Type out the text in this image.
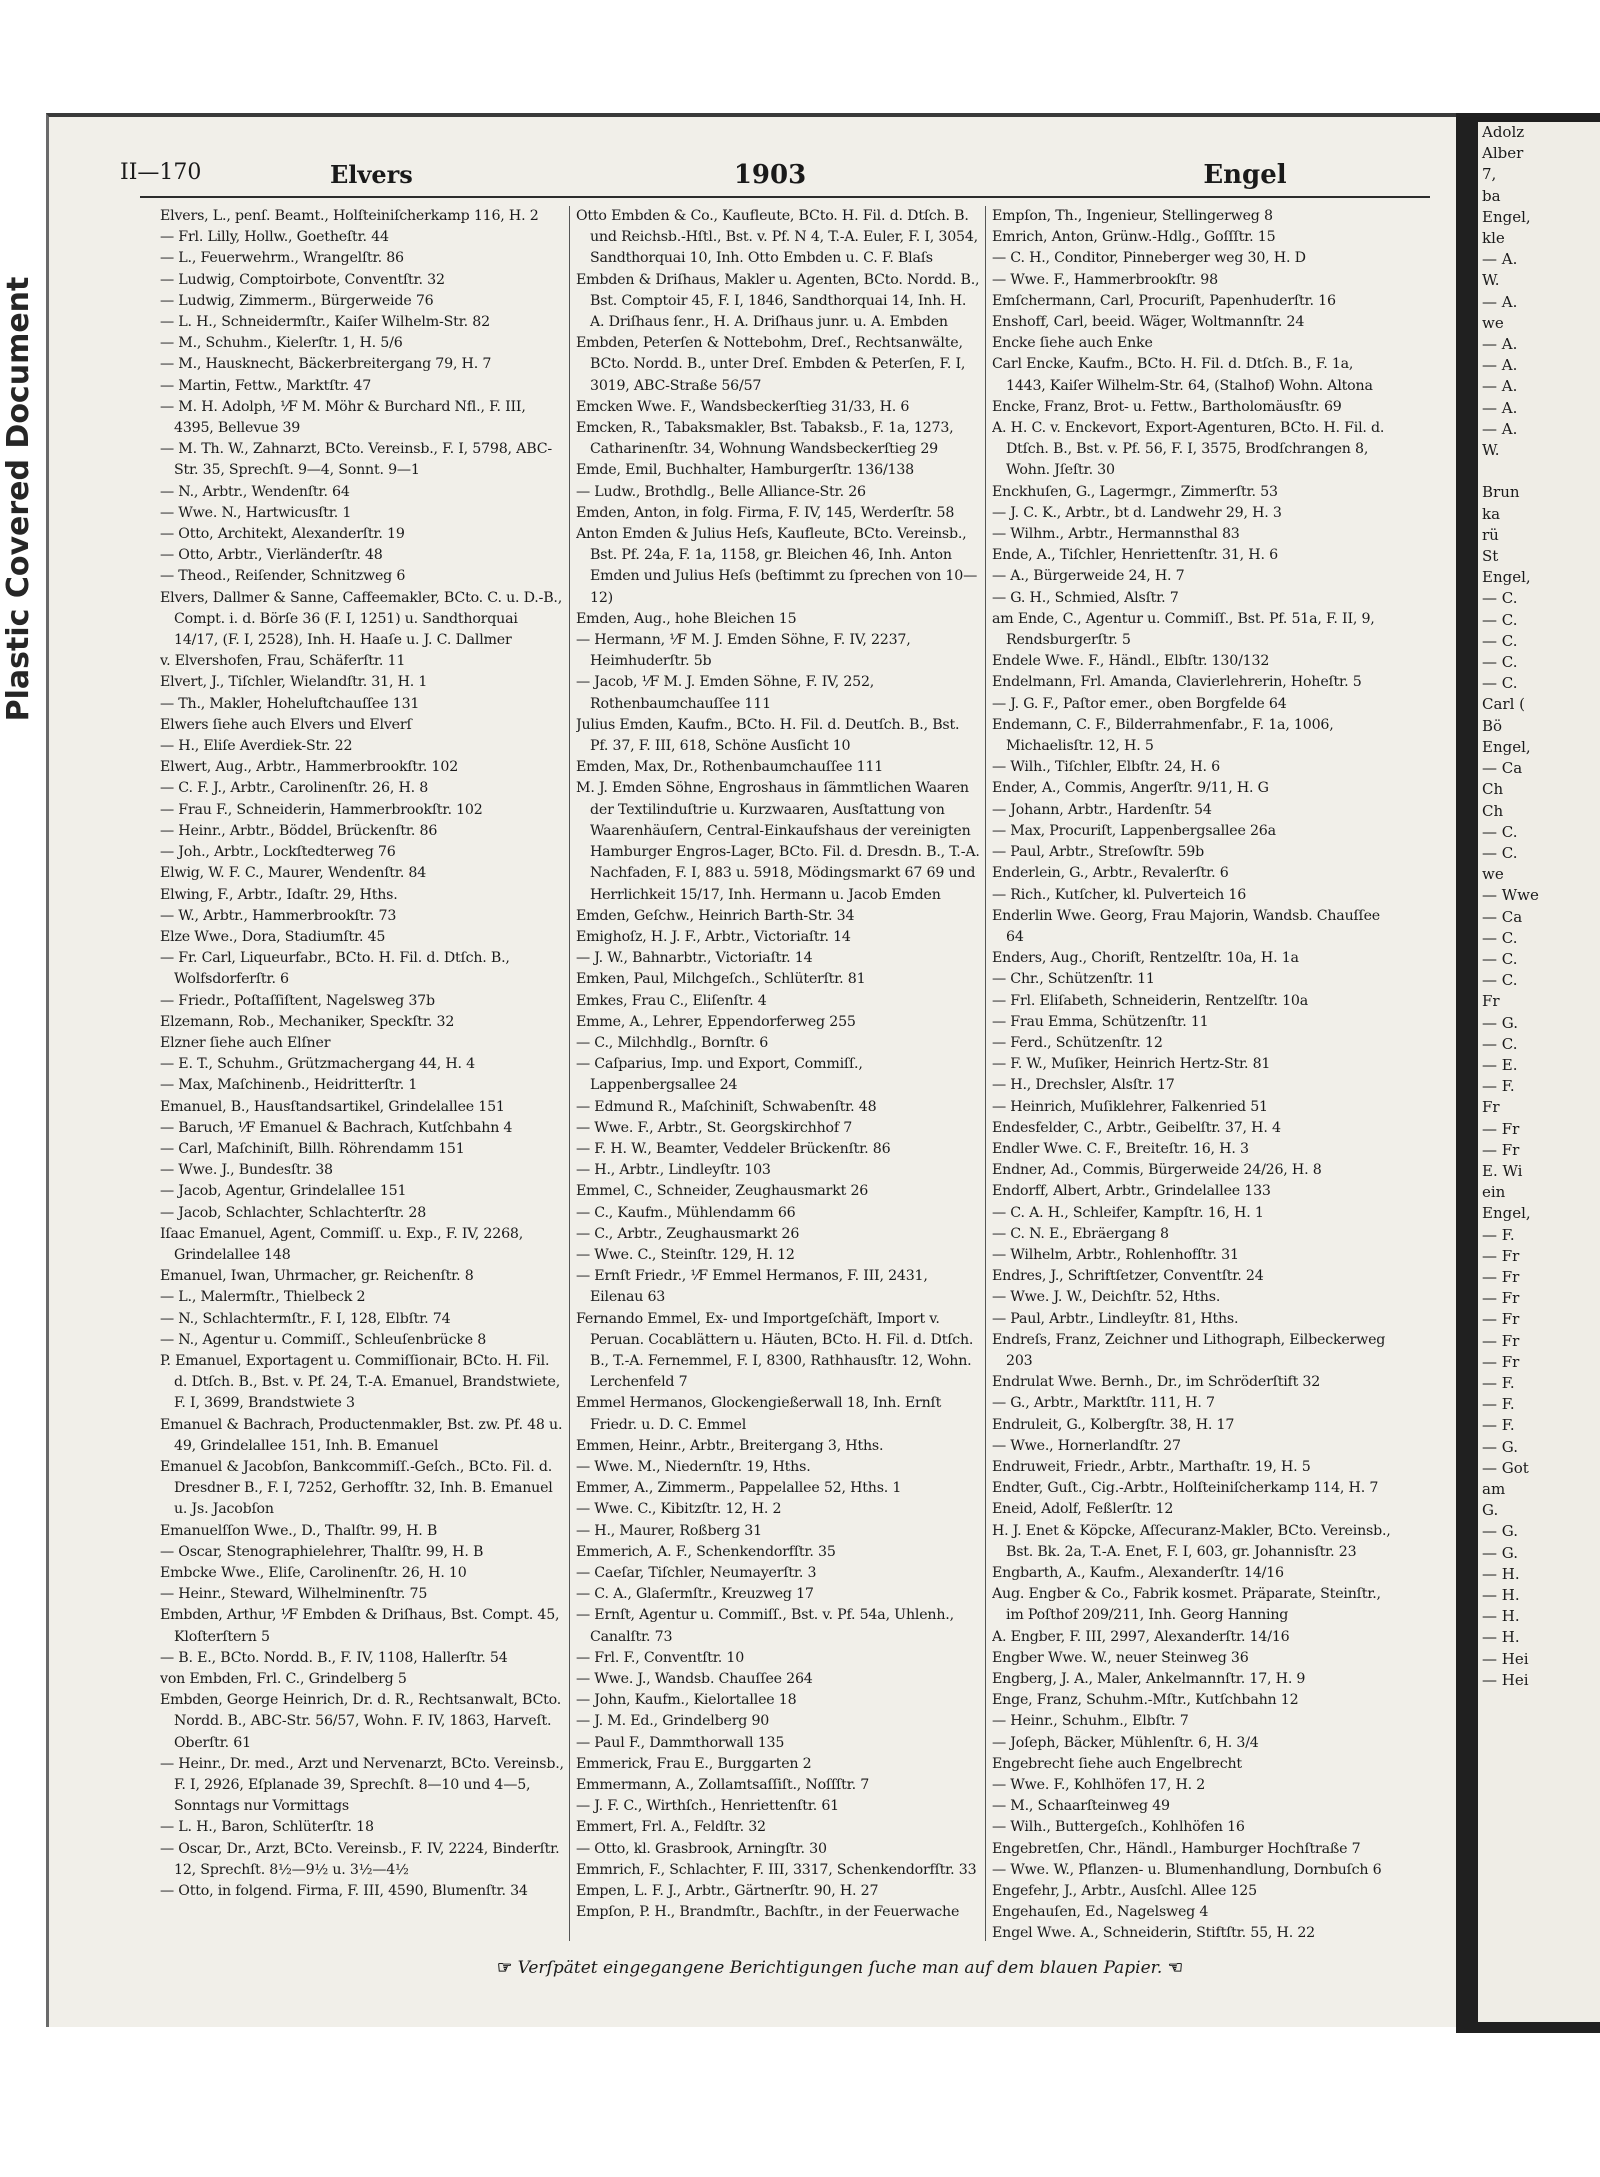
Plastic Covered Document
Adolz
Alber
7,
ba
Engel,
kle
— A.
W.
— A.
we
— A.
— A.
— A.
— A.
— A.
W.

Brun
ka
rü
St
Engel,
— C.
— C.
— C.
— C.
— C.
Carl (
Bö
Engel,
— Ca
Ch
Ch
— C.
— C.
we
— Wwe
— Ca
— C.
— C.
— C.
Fr
— G.
— C.
— E.
— F.
Fr
— Fr
— Fr
E. Wi
ein
Engel,
— F.
— Fr
— Fr
— Fr
— Fr
— Fr
— Fr
— F.
— F.
— F.
— G.
— Got
am
G.
— G.
— G.
— H.
— H.
— H.
— H.
— Hei
— Hei
II—170	Elvers	1903	Engel
Elvers, L., penſ. Beamt., Holſteiniſcherkamp 116, H. 2
— Frl. Lilly, Hollw., Goetheſtr. 44
— L., Feuerwehrm., Wrangelſtr. 86
— Ludwig, Comptoirbote, Conventſtr. 32
— Ludwig, Zimmerm., Bürgerweide 76
— L. H., Schneidermſtr., Kaiſer Wilhelm-Str. 82
— M., Schuhm., Kielerſtr. 1, H. 5/6
— M., Hausknecht, Bäckerbreitergang 79, H. 7
— Martin, Fettw., Marktſtr. 47
— M. H. Adolph, ⅟F M. Möhr & Burchard Nfl., F. III, 4395, Bellevue 39
— M. Th. W., Zahnarzt, BCto. Vereinsb., F. I, 5798, ABC-Str. 35, Sprechſt. 9—4, Sonnt. 9—1
— N., Arbtr., Wendenſtr. 64
— Wwe. N., Hartwicusſtr. 1
— Otto, Architekt, Alexanderſtr. 19
— Otto, Arbtr., Vierländerſtr. 48
— Theod., Reiſender, Schnitzweg 6
Elvers, Dallmer & Sanne, Caffeemakler, BCto. C. u. D.-B., Compt. i. d. Börſe 36 (F. I, 1251) u. Sandthorquai 14/17, (F. I, 2528), Inh. H. Haaſe u. J. C. Dallmer
v. Elvershofen, Frau, Schäferſtr. 11
Elvert, J., Tiſchler, Wielandſtr. 31, H. 1
— Th., Makler, Hoheluftchauſſee 131
Elwers ſiehe auch Elvers und Elverſ
— H., Eliſe Averdiek-Str. 22
Elwert, Aug., Arbtr., Hammerbrookſtr. 102
— C. F. J., Arbtr., Carolinenſtr. 26, H. 8
— Frau F., Schneiderin, Hammerbrookſtr. 102
— Heinr., Arbtr., Böddel, Brückenſtr. 86
— Joh., Arbtr., Lockſtedterweg 76
Elwig, W. F. C., Maurer, Wendenſtr. 84
Elwing, F., Arbtr., Idaſtr. 29, Hths.
— W., Arbtr., Hammerbrookſtr. 73
Elze Wwe., Dora, Stadiumſtr. 45
— Fr. Carl, Liqueurfabr., BCto. H. Fil. d. Dtſch. B., Wolfsdorferſtr. 6
— Friedr., Poſtaſſiſtent, Nagelsweg 37b
Elzemann, Rob., Mechaniker, Speckſtr. 32
Elzner ſiehe auch Elſner
— E. T., Schuhm., Grützmachergang 44, H. 4
— Max, Maſchinenb., Heidritterſtr. 1
Emanuel, B., Hausſtandsartikel, Grindelallee 151
— Baruch, ⅟F Emanuel & Bachrach, Kutſchbahn 4
— Carl, Maſchiniſt, Billh. Röhrendamm 151
— Wwe. J., Bundesſtr. 38
— Jacob, Agentur, Grindelallee 151
— Jacob, Schlachter, Schlachterſtr. 28
Iſaac Emanuel, Agent, Commiſſ. u. Exp., F. IV, 2268, Grindelallee 148
Emanuel, Iwan, Uhrmacher, gr. Reichenſtr. 8
— L., Malermſtr., Thielbeck 2
— N., Schlachtermſtr., F. I, 128, Elbſtr. 74
— N., Agentur u. Commiſſ., Schleuſenbrücke 8
P. Emanuel, Exportagent u. Commiſſionair, BCto. H. Fil. d. Dtſch. B., Bst. v. Pf. 24, T.-A. Emanuel, Brandstwiete, F. I, 3699, Brandstwiete 3
Emanuel & Bachrach, Productenmakler, Bst. zw. Pf. 48 u. 49, Grindelallee 151, Inh. B. Emanuel
Emanuel & Jacobſon, Bankcommiſſ.-Geſch., BCto. Fil. d. Dresdner B., F. I, 7252, Gerhofſtr. 32, Inh. B. Emanuel u. Js. Jacobſon
Emanuelſſon Wwe., D., Thalſtr. 99, H. B
— Oscar, Stenographielehrer, Thalſtr. 99, H. B
Embcke Wwe., Eliſe, Carolinenſtr. 26, H. 10
— Heinr., Steward, Wilhelminenſtr. 75
Embden, Arthur, ⅟F Embden & Driſhaus, Bst. Compt. 45, Kloſterſtern 5
— B. E., BCto. Nordd. B., F. IV, 1108, Hallerſtr. 54
von Embden, Frl. C., Grindelberg 5
Embden, George Heinrich, Dr. d. R., Rechtsanwalt, BCto. Nordd. B., ABC-Str. 56/57, Wohn. F. IV, 1863, Harveſt. Oberſtr. 61
— Heinr., Dr. med., Arzt und Nervenarzt, BCto. Vereinsb., F. I, 2926, Eſplanade 39, Sprechſt. 8—10 und 4—5, Sonntags nur Vormittags
— L. H., Baron, Schlüterſtr. 18
— Oscar, Dr., Arzt, BCto. Vereinsb., F. IV, 2224, Binderſtr. 12, Sprechſt. 8½—9½ u. 3½—4½
— Otto, in folgend. Firma, F. III, 4590, Blumenſtr. 34
Otto Embden & Co., Kaufleute, BCto. H. Fil. d. Dtſch. B. und Reichsb.-Hſtl., Bst. v. Pf. N 4, T.-A. Euler, F. I, 3054, Sandthorquai 10, Inh. Otto Embden u. C. F. Blaſs
Embden & Driſhaus, Makler u. Agenten, BCto. Nordd. B., Bst. Comptoir 45, F. I, 1846, Sandthorquai 14, Inh. H. A. Driſhaus ſenr., H. A. Driſhaus junr. u. A. Embden
Embden, Peterſen & Nottebohm, Dreſ., Rechtsanwälte, BCto. Nordd. B., unter Dreſ. Embden & Peterſen, F. I, 3019, ABC-Straße 56/57
Emcken Wwe. F., Wandsbeckerſtieg 31/33, H. 6
Emcken, R., Tabaksmakler, Bst. Tabaksb., F. 1a, 1273, Catharinenſtr. 34, Wohnung Wandsbeckerſtieg 29
Emde, Emil, Buchhalter, Hamburgerſtr. 136/138
— Ludw., Brothdlg., Belle Alliance-Str. 26
Emden, Anton, in folg. Firma, F. IV, 145, Werderſtr. 58
Anton Emden & Julius Heſs, Kaufleute, BCto. Vereinsb., Bst. Pf. 24a, F. 1a, 1158, gr. Bleichen 46, Inh. Anton Emden und Julius Heſs (beſtimmt zu ſprechen von 10—12)
Emden, Aug., hohe Bleichen 15
— Hermann, ⅟F M. J. Emden Söhne, F. IV, 2237, Heimhuderſtr. 5b
— Jacob, ⅟F M. J. Emden Söhne, F. IV, 252, Rothenbaumchauſſee 111
Julius Emden, Kaufm., BCto. H. Fil. d. Deutſch. B., Bst. Pf. 37, F. III, 618, Schöne Ausſicht 10
Emden, Max, Dr., Rothenbaumchauſſee 111
M. J. Emden Söhne, Engroshaus in ſämmtlichen Waaren der Textilinduſtrie u. Kurzwaaren, Ausſtattung von Waarenhäuſern, Central-Einkaufshaus der vereinigten Hamburger Engros-Lager, BCto. Fil. d. Dresdn. B., T.-A. Nachfaden, F. I, 883 u. 5918, Mödingsmarkt 67 69 und Herrlichkeit 15/17, Inh. Hermann u. Jacob Emden
Emden, Geſchw., Heinrich Barth-Str. 34
Emighoſz, H. J. F., Arbtr., Victoriaſtr. 14
— J. W., Bahnarbtr., Victoriaſtr. 14
Emken, Paul, Milchgeſch., Schlüterſtr. 81
Emkes, Frau C., Eliſenſtr. 4
Emme, A., Lehrer, Eppendorferweg 255
— C., Milchhdlg., Bornſtr. 6
— Caſparius, Imp. und Export, Commiſſ., Lappenbergsallee 24
— Edmund R., Maſchiniſt, Schwabenſtr. 48
— Wwe. F., Arbtr., St. Georgskirchhof 7
— F. H. W., Beamter, Veddeler Brückenſtr. 86
— H., Arbtr., Lindleyſtr. 103
Emmel, C., Schneider, Zeughausmarkt 26
— C., Kaufm., Mühlendamm 66
— C., Arbtr., Zeughausmarkt 26
— Wwe. C., Steinſtr. 129, H. 12
— Ernſt Friedr., ⅟F Emmel Hermanos, F. III, 2431, Eilenau 63
Fernando Emmel, Ex- und Importgeſchäft, Import v. Peruan. Cocablättern u. Häuten, BCto. H. Fil. d. Dtſch. B., T.-A. Fernemmel, F. I, 8300, Rathhausſtr. 12, Wohn. Lerchenfeld 7
Emmel Hermanos, Glockengießerwall 18, Inh. Ernſt Friedr. u. D. C. Emmel
Emmen, Heinr., Arbtr., Breitergang 3, Hths.
— Wwe. M., Niedernſtr. 19, Hths.
Emmer, A., Zimmerm., Pappelallee 52, Hths. 1
— Wwe. C., Kibitzſtr. 12, H. 2
— H., Maurer, Roßberg 31
Emmerich, A. F., Schenkendorfſtr. 35
— Caeſar, Tiſchler, Neumayerſtr. 3
— C. A., Glaſermſtr., Kreuzweg 17
— Ernſt, Agentur u. Commiſſ., Bst. v. Pf. 54a, Uhlenh., Canalſtr. 73
— Frl. F., Conventſtr. 10
— Wwe. J., Wandsb. Chauſſee 264
— John, Kaufm., Kielortallee 18
— J. M. Ed., Grindelberg 90
— Paul F., Dammthorwall 135
Emmerick, Frau E., Burggarten 2
Emmermann, A., Zollamtsaſſiſt., Noſſſtr. 7
— J. F. C., Wirthſch., Henriettenſtr. 61
Emmert, Frl. A., Feldſtr. 32
— Otto, kl. Grasbrook, Arningſtr. 30
Emmrich, F., Schlachter, F. III, 3317, Schenkendorfſtr. 33
Empen, L. F. J., Arbtr., Gärtnerſtr. 90, H. 27
Empſon, P. H., Brandmſtr., Bachſtr., in der Feuerwache
Empſon, Th., Ingenieur, Stellingerweg 8
Emrich, Anton, Grünw.-Hdlg., Goſſſtr. 15
— C. H., Conditor, Pinneberger weg 30, H. D
— Wwe. F., Hammerbrookſtr. 98
Emſchermann, Carl, Procuriſt, Papenhuderſtr. 16
Enshoff, Carl, beeid. Wäger, Woltmannſtr. 24
Encke ſiehe auch Enke
Carl Encke, Kaufm., BCto. H. Fil. d. Dtſch. B., F. 1a, 1443, Kaiſer Wilhelm-Str. 64, (Stalhof) Wohn. Altona
Encke, Franz, Brot- u. Fettw., Bartholomäusſtr. 69
A. H. C. v. Enckevort, Export-Agenturen, BCto. H. Fil. d. Dtſch. B., Bst. v. Pf. 56, F. I, 3575, Brodſchrangen 8, Wohn. Jſeſtr. 30
Enckhuſen, G., Lagermgr., Zimmerſtr. 53
— J. C. K., Arbtr., bt d. Landwehr 29, H. 3
— Wilhm., Arbtr., Hermannsthal 83
Ende, A., Tiſchler, Henriettenſtr. 31, H. 6
— A., Bürgerweide 24, H. 7
— G. H., Schmied, Alsſtr. 7
am Ende, C., Agentur u. Commiſſ., Bst. Pf. 51a, F. II, 9, Rendsburgerſtr. 5
Endele Wwe. F., Händl., Elbſtr. 130/132
Endelmann, Frl. Amanda, Clavierlehrerin, Hoheſtr. 5
— J. G. F., Paſtor emer., oben Borgfelde 64
Endemann, C. F., Bilderrahmenfabr., F. 1a, 1006, Michaelisſtr. 12, H. 5
— Wilh., Tiſchler, Elbſtr. 24, H. 6
Ender, A., Commis, Angerſtr. 9/11, H. G
— Johann, Arbtr., Hardenſtr. 54
— Max, Procuriſt, Lappenbergsallee 26a
— Paul, Arbtr., Streſowſtr. 59b
Enderlein, G., Arbtr., Revalerſtr. 6
— Rich., Kutſcher, kl. Pulverteich 16
Enderlin Wwe. Georg, Frau Majorin, Wandsb. Chauſſee 64
Enders, Aug., Choriſt, Rentzelſtr. 10a, H. 1a
— Chr., Schützenſtr. 11
— Frl. Eliſabeth, Schneiderin, Rentzelſtr. 10a
— Frau Emma, Schützenſtr. 11
— Ferd., Schützenſtr. 12
— F. W., Muſiker, Heinrich Hertz-Str. 81
— H., Drechsler, Alsſtr. 17
— Heinrich, Muſiklehrer, Falkenried 51
Endesfelder, C., Arbtr., Geibelſtr. 37, H. 4
Endler Wwe. C. F., Breiteſtr. 16, H. 3
Endner, Ad., Commis, Bürgerweide 24/26, H. 8
Endorff, Albert, Arbtr., Grindelallee 133
— C. A. H., Schleifer, Kampſtr. 16, H. 1
— C. N. E., Ebräergang 8
— Wilhelm, Arbtr., Rohlenhofſtr. 31
Endres, J., Schriftſetzer, Conventſtr. 24
— Wwe. J. W., Deichſtr. 52, Hths.
— Paul, Arbtr., Lindleyſtr. 81, Hths.
Endreſs, Franz, Zeichner und Lithograph, Eilbeckerweg 203
Endrulat Wwe. Bernh., Dr., im Schröderſtift 32
— G., Arbtr., Marktſtr. 111, H. 7
Endruleit, G., Kolbergſtr. 38, H. 17
— Wwe., Hornerlandſtr. 27
Endruweit, Friedr., Arbtr., Marthaſtr. 19, H. 5
Endter, Guſt., Cig.-Arbtr., Holſteiniſcherkamp 114, H. 7
Eneid, Adolf, Feßlerſtr. 12
H. J. Enet & Köpcke, Aſſecuranz-Makler, BCto. Vereinsb., Bst. Bk. 2a, T.-A. Enet, F. I, 603, gr. Johannisſtr. 23
Engbarth, A., Kaufm., Alexanderſtr. 14/16
Aug. Engber & Co., Fabrik kosmet. Präparate, Steinſtr., im Poſthof 209/211, Inh. Georg Hanning
A. Engber, F. III, 2997, Alexanderſtr. 14/16
Engber Wwe. W., neuer Steinweg 36
Engberg, J. A., Maler, Ankelmannſtr. 17, H. 9
Enge, Franz, Schuhm.-Mſtr., Kutſchbahn 12
— Heinr., Schuhm., Elbſtr. 7
— Joſeph, Bäcker, Mühlenſtr. 6, H. 3/4
Engebrecht ſiehe auch Engelbrecht
— Wwe. F., Kohlhöfen 17, H. 2
— M., Schaarſteinweg 49
— Wilh., Buttergeſch., Kohlhöfen 16
Engebretſen, Chr., Händl., Hamburger Hochſtraße 7
— Wwe. W., Pflanzen- u. Blumenhandlung, Dornbuſch 6
Engefehr, J., Arbtr., Ausſchl. Allee 125
Engehauſen, Ed., Nagelsweg 4
Engel Wwe. A., Schneiderin, Stiftſtr. 55, H. 22
☞ Verſpätet eingegangene Berichtigungen ſuche man auf dem blauen Papier. ☜
